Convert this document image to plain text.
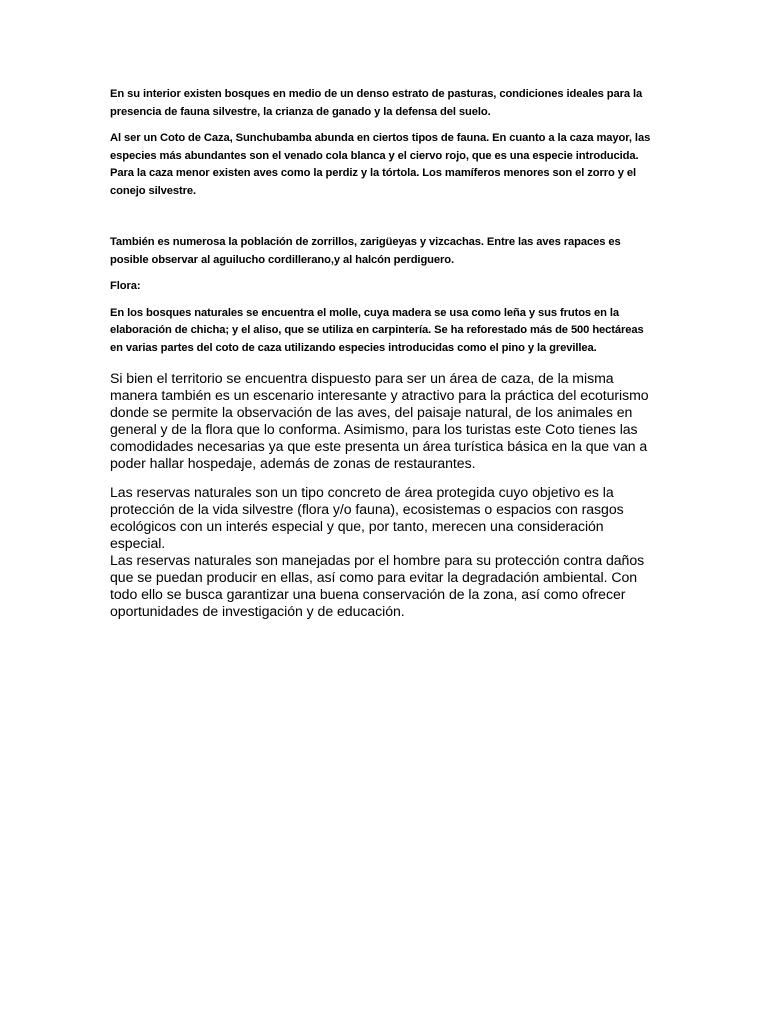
En su interior existen bosques en medio de un denso estrato de pasturas, condiciones ideales para la presencia de fauna silvestre, la crianza de ganado y la defensa del suelo.

Al ser un Coto de Caza, Sunchubamba abunda en ciertos tipos de fauna. En cuanto a la caza mayor, las especies más abundantes son el venado cola blanca y el ciervo rojo, que es una especie introducida. Para la caza menor existen aves como la perdiz y la tórtola. Los mamíferos menores son el zorro y el conejo silvestre.

También es numerosa la población de zorrillos, zarigüeyas y vizcachas. Entre las aves rapaces es posible observar al aguilucho cordillerano,y al halcón perdiguero.

Flora:

En los bosques naturales se encuentra el molle, cuya madera se usa como leña y sus frutos en la elaboración de chicha; y el aliso, que se utiliza en carpintería. Se ha reforestado más de 500 hectáreas en varias partes del coto de caza utilizando especies introducidas como el pino y la grevillea.

Si bien el territorio se encuentra dispuesto para ser un área de caza, de la misma manera también es un escenario interesante y atractivo para la práctica del ecoturismo donde se permite la observación de las aves, del paisaje natural, de los animales en general y de la flora que lo conforma. Asimismo, para los turistas este Coto tienes las comodidades necesarias ya que este presenta un área turística básica en la que van a poder hallar hospedaje, además de zonas de restaurantes.

Las reservas naturales son un tipo concreto de área protegida cuyo objetivo es la protección de la vida silvestre (flora y/o fauna), ecosistemas o espacios con rasgos ecológicos con un interés especial y que, por tanto, merecen una consideración especial.

Las reservas naturales son manejadas por el hombre para su protección contra daños que se puedan producir en ellas, así como para evitar la degradación ambiental. Con todo ello se busca garantizar una buena conservación de la zona, así como ofrecer oportunidades de investigación y de educación.
